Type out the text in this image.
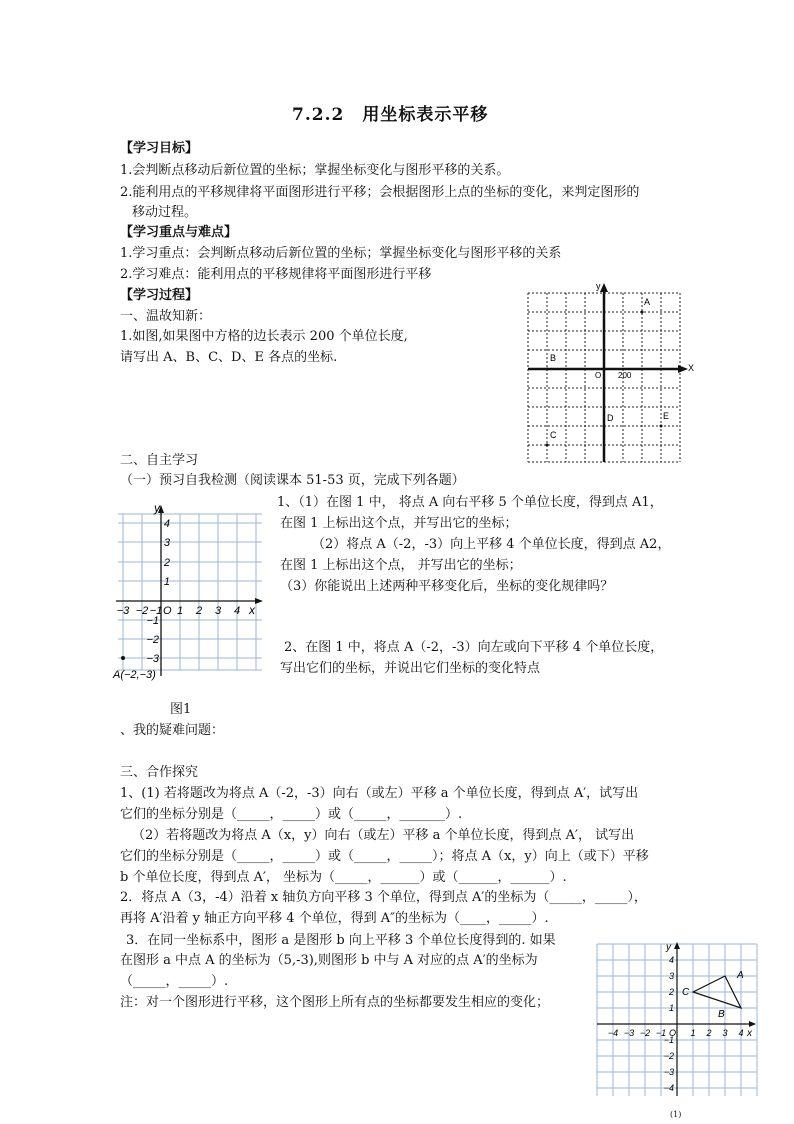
7.2.2　用坐标表示平移
【学习目标】
1.会判断点移动后新位置的坐标；掌握坐标变化与图形平移的关系。
2.能利用点的平移规律将平面图形进行平移；会根据图形上点的坐标的变化，来判定图形的
移动过程。
【学习重点与难点】
1.学习重点：会判断点移动后新位置的坐标；掌握坐标变化与图形平移的关系
2.学习难点：能利用点的平移规律将平面图形进行平移
【学习过程】
一、温故知新：
1.如图,如果图中方格的边长表示 200 个单位长度,
请写出 A、B、C、D、E 各点的坐标.
y
X
O 200
A
B
C
D	E
二、自主学习
（一）预习自我检测（阅读课本 51-53 页，完成下列各题）
1、（1）在图 1 中， 将点 A 向右平移 5 个单位长度，得到点 A1，
在图 1 上标出这个点，并写出它的坐标；
（2）将点 A（-2，-3）向上平移 4 个单位长度，得到点 A2，
在图 1 上标出这个点， 并写出它的坐标；
（3）你能说出上述两种平移变化后，坐标的变化规律吗？
2、在图 1 中，将点 A（-2，-3）向左或向下平移 4 个单位长度，
写出它们的坐标，并说出它们坐标的变化特点
y
x
O
−3 −2 −1 1 2 3 4
4
3
2
1
−1
−2
−3
A(−2,−3)
图1
、我的疑难问题：
三、合作探究
1、(1) 若将题改为将点 A（-2，-3）向右（或左）平移 a 个单位长度，得到点 A′，试写出
它们的坐标分别是（_____，_____）或（_____，_______）.
（2）若将题改为将点 A（x，y）向右（或左）平移 a 个单位长度，得到点 A′， 试写出
它们的坐标分别是（_____，_____）或（_____，_____）；将点 A（x，y）向上（或下）平移
b 个单位长度，得到点 A′， 坐标为（_____，______）或（______，______）.
2．将点 A（3，-4）沿着 x 轴负方向平移 3 个单位，得到点 A′的坐标为（_____，_____），
再将 A′沿着 y 轴正方向平移 4 个单位，得到 A″的坐标为（____，_____）.
3．在同一坐标系中，图形 a 是图形 b 向上平移 3 个单位长度得到的. 如果
在图形 a 中点 A 的坐标为（5,-3),则图形 b 中与 A 对应的点 A′的坐标为
（_____，_____）.
注：对一个图形进行平移，这个图形上所有点的坐标都要发生相应的变化；
y
x
O
−4 −3 −2 −1	1 2 3 4
4
3
2
1
−1
−2
−3
−4
C
A
B
(1)
